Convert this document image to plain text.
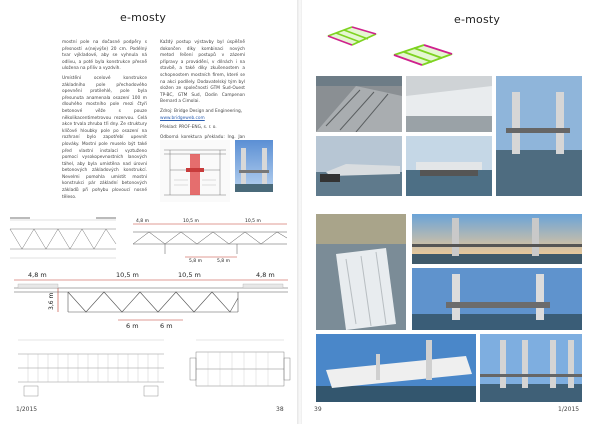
e-mosty

mostní pole na dočasné podpěry s přesností ±(nejvýše) 20 cm. Podélný tvar výkladové, aby se vyhnula ná odlivu, a poté byla konstrukce přesně uložena na přiliv a vyzdvih.

Umístění ocelové konstrukce základního pole přechodového opevnění protilehlé, pole byla přesunuta anamenala osazení 100 m dlouhého mostního pole mezi čtyři betonové věže s pouze několikacentimetrovou rezervou. Celá akce trvala zhruba tři dny. Ze struktury klíčové hloubky pole po osazení na rozhraní bylo zapotřebí upevnit plováky. Mostní pole muselo být také před vlastní instalací vyztuženo pomocí vysokopevnostních lanových táhel, aby byla umístěna nad úrovní betonových základových konstrukcí. Nevelmi pomohla umístit mostní konstrukci pár základní betonových základů při pohybu plovoucí nosné těleso.

Každý postup výstavby byl úspěšně dokončen díky kombinaci nových metod řešení postupů v zázemí přípravy a provádění, v dílnách i na stavbě, a také díky zkušenostem a schopnostem mostních firem, které se na akci podílely. Dodavatelský tým byl složen ze společnosti GTM Sud-Ouest TP-BC, GTM Sud, Dodin Campenon Bernard a Cimolai.

Zdroj: Bridge Design and Engineering,
www.bridgeweb.com

Překlad: PROF-ENG, s. r. o.

Odborná korektura překladu: Ing. Jan

4,8 m	10,5 m	10,5 m
5,8 m	5,8 m
4,8 m	10,5 m	10,5 m	4,8 m
3,6 m
6 m	6 m
1/2015	38
e-mosty
39	1/2015
